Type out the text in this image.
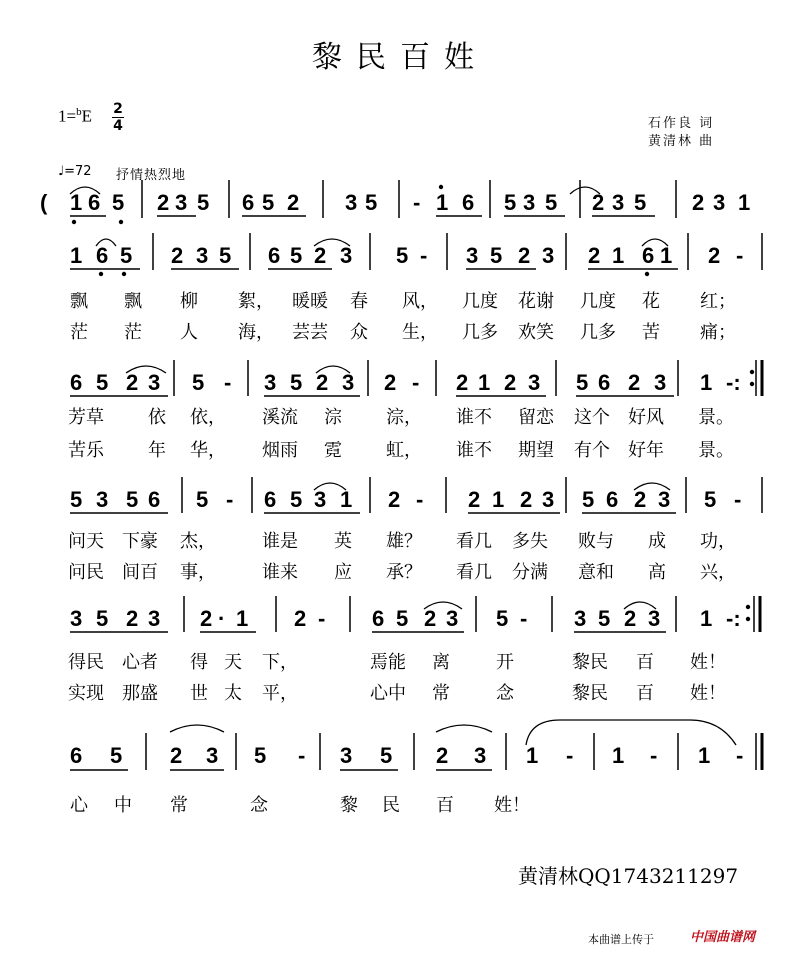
黎民百姓
1=$^b$E 2
4	石作良 词
黄清林 曲
♩=72 抒情热烈地
( 1 6 5 2 3 5 6 5 2 3 5 - 1 6 5 3 5 2 3 5 2 3 1
1 6 5 2 3 5 6 5 2 3 5 - 3 5 2 3 2 1 6 1 2 -
6 5 2 3 5 - 3 5 2 3 2 - 2 1 2 3 5 6 2 3 1 -:
5 3 5 6 5 - 6 5 3 1 2 - 2 1 2 3 5 6 2 3 5 -
3 5 2 3 2 · 1 2 - 6 5 2 3 5 - 3 5 2 3 1 -:
6 5 2 3 5 - 3 5 2 3 1 - 1 - 1 -
飘 飘 柳 絮， 暖暖 春 风， 几度 花谢 几度 花 红；
茫 茫 人 海， 芸芸 众 生， 几多 欢笑 几多 苦 痛；
芳草 依 依， 溪流 淙 淙， 谁不 留恋 这个 好风 景。
苦乐 年 华， 烟雨 霓 虹， 谁不 期望 有个 好年 景。
问天 下豪 杰，	谁是 英 雄？ 看几 多失 败与 成 功，
问民 间百 事，	谁来 应 承？ 看几 分满 意和 高 兴，
得民 心者 得 天 下，	焉能 离	开	黎民 百 姓！
实现 那盛 世 太 平，	心中 常	念	黎民 百 姓！
心 中 常	念	黎 民 百 姓！
黄清林QQ1743211297
本曲谱上传于	中国曲谱网
